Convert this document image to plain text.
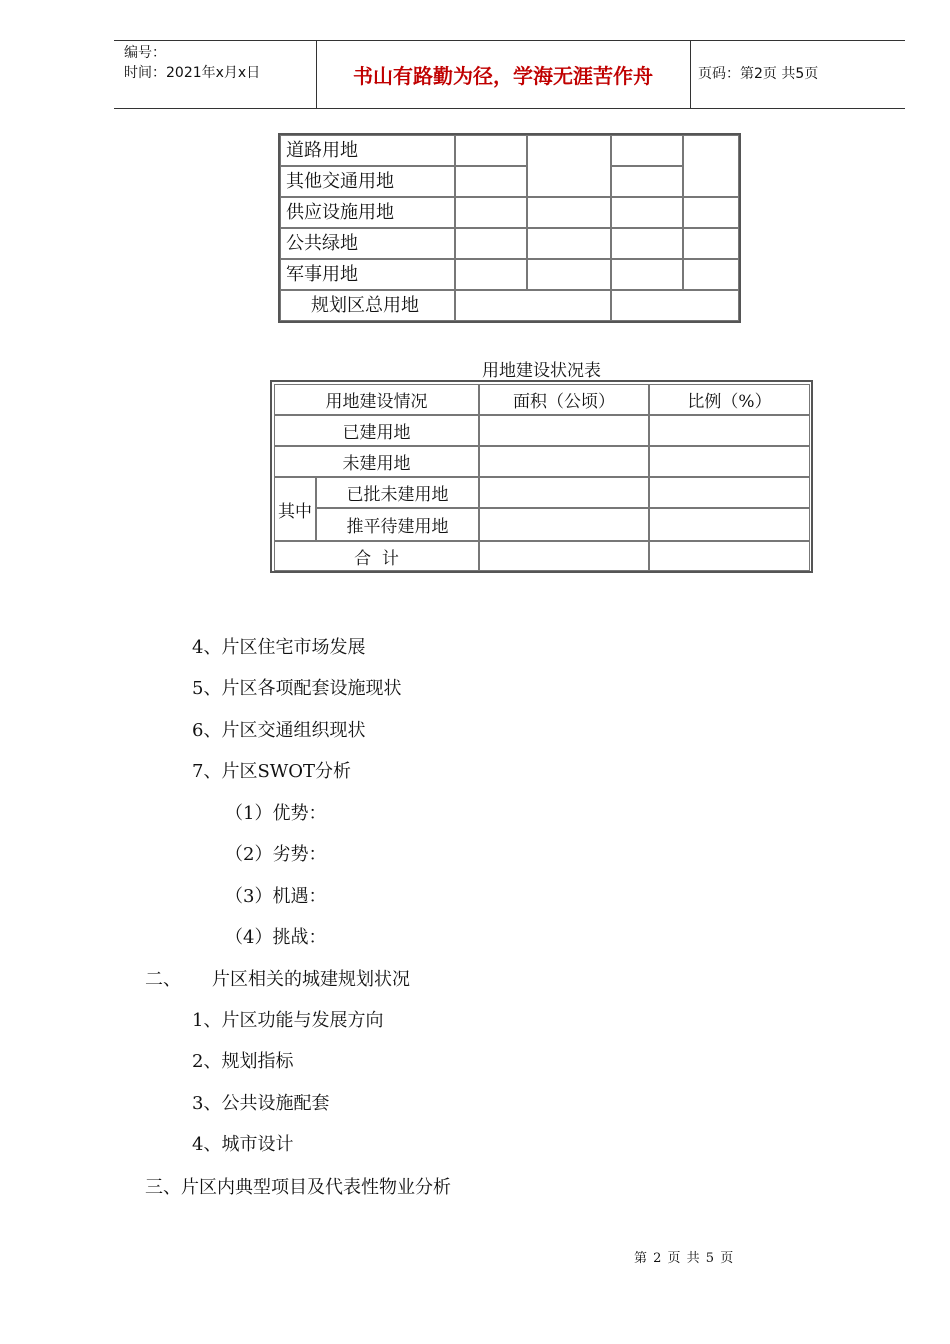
编号：
时间：2021年x月x日	书山有路勤为径，学海无涯苦作舟	页码：第2页 共5页
道路用地
其他交通用地
供应设施用地
公共绿地
军事用地
规划区总用地
用地建设状况表
用地建设情况	面积（公顷）	比例（%）
已建用地
未建用地
其中
已批未建用地
推平待建用地
合  计
4、片区住宅市场发展
5、片区各项配套设施现状
6、片区交通组织现状
7、片区SWOT分析
（1）优势：
（2）劣势：
（3）机遇：
（4）挑战：
二、 片区相关的城建规划状况
1、片区功能与发展方向
2、规划指标
3、公共设施配套
4、城市设计
三、片区内典型项目及代表性物业分析
第 2 页 共 5 页
